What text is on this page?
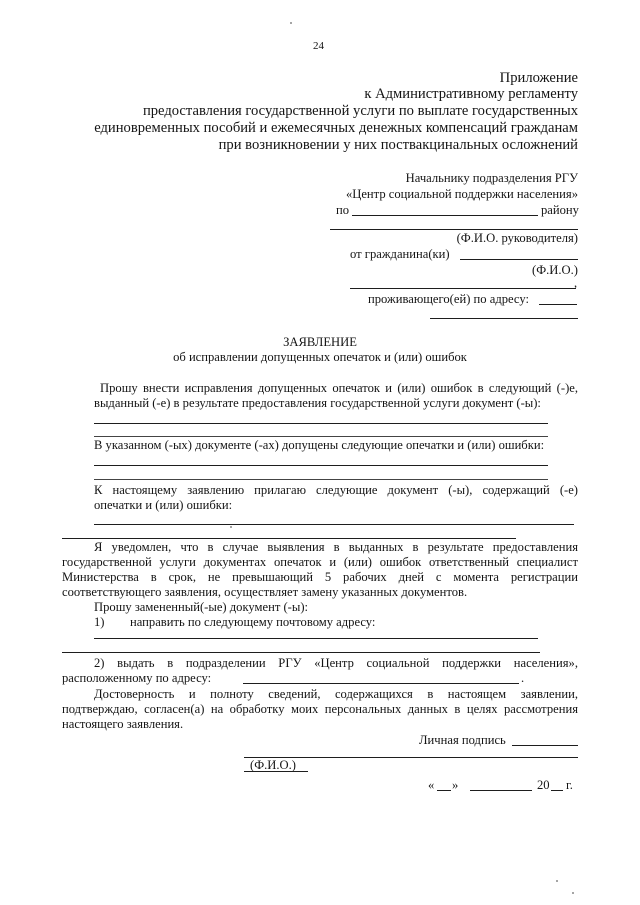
24
Приложение
к Административному регламенту
предоставления государственной услуги по выплате государственных
единовременных пособий и ежемесячных денежных компенсаций гражданам
при возникновении у них поствакцинальных осложнений
Начальнику подразделения РГУ
«Центр социальной поддержки населения»
по	району
(Ф.И.О. руководителя)
от гражданина(ки)
(Ф.И.О.)
,
проживающего(ей) по адресу:
ЗАЯВЛЕНИЕ
об исправлении допущенных опечаток и (или) ошибок
Прошу внести исправления допущенных опечаток и (или) ошибок в следующий (-)е,
выданный (-е) в результате предоставления государственной услуги документ (-ы):
В указанном (-ых) документе (-ах) допущены следующие опечатки и (или) ошибки:
К настоящему заявлению прилагаю следующие документ (-ы), содержащий (-е)
опечатки и (или) ошибки:
Я уведомлен, что в случае выявления в выданных в результате предоставления
государственной услуги документах опечаток и (или) ошибок ответственный специалист
Министерства в срок, не превышающий 5 рабочих дней с момента регистрации
соответствующего заявления, осуществляет замену указанных документов.
Прошу замененный(-ые) документ (-ы):
1) направить по следующему почтовому адресу:
2) выдать в подразделении РГУ «Центр социальной поддержки населения»,
расположенному по адресу:	.
Достоверность и полноту сведений, содержащихся в настоящем заявлении,
подтверждаю, согласен(а) на обработку моих персональных данных в целях рассмотрения
настоящего заявления.
Личная подпись
(Ф.И.О.)
« »	20 г.
